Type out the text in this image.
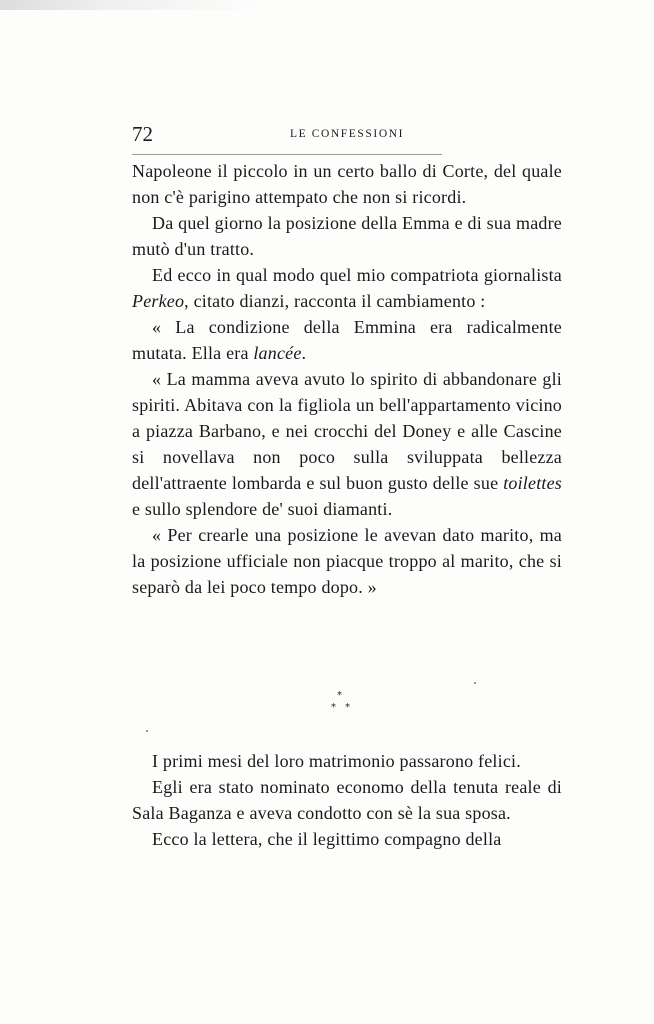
72	LE CONFESSIONI

Napoleone il piccolo in un certo ballo di Corte, del quale non c'è parigino attempato che non si ricordi.

Da quel giorno la posizione della Emma e di sua madre mutò d'un tratto.

Ed ecco in qual modo quel mio compatriota giornalista Perkeo, citato dianzi, racconta il cambiamento :

« La condizione della Emmina era radicalmente mutata. Ella era lancée.

« La mamma aveva avuto lo spirito di abbandonare gli spiriti. Abitava con la figliola un bell'appartamento vicino a piazza Barbano, e nei crocchi del Doney e alle Cascine si novellava non poco sulla sviluppata bellezza dell'attraente lombarda e sul buon gusto delle sue toilettes e sullo splendore de' suoi diamanti.

« Per crearle una posizione le avevan dato marito, ma la posizione ufficiale non piacque troppo al marito, che si separò da lei poco tempo dopo. »

*
* *

I primi mesi del loro matrimonio passarono felici.

Egli era stato nominato economo della tenuta reale di Sala Baganza e aveva condotto con sè la sua sposa.

Ecco la lettera, che il legittimo compagno della
